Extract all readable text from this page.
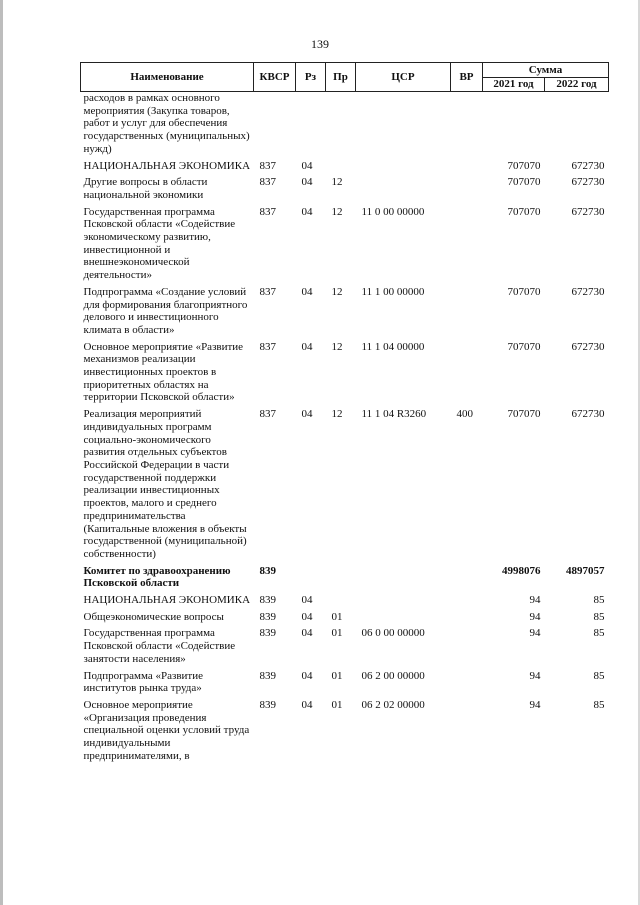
139
Наименование	КВСР	Рз	Пр	ЦСР	ВР	Сумма	
						2021 год	2022 год
расходов в рамках основного мероприятия (Закупка товаров, работ и услуг для обеспечения государственных (муниципальных) нужд)							
НАЦИОНАЛЬНАЯ ЭКОНОМИКА	837	04				707070	672730
Другие вопросы в области национальной экономики	837	04	12			707070	672730
Государственная программа Псковской области «Содействие экономическому развитию, инвестиционной и внешнеэкономической деятельности»	837	04	12	11 0 00 00000		707070	672730
Подпрограмма «Создание условий для формирования благоприятного делового и инвестиционного климата в области»	837	04	12	11 1 00 00000		707070	672730
Основное мероприятие «Развитие механизмов реализации инвестиционных проектов в приоритетных областях на территории Псковской области»	837	04	12	11 1 04 00000		707070	672730
Реализация мероприятий индивидуальных программ социально-экономического развития отдельных субъектов Российской Федерации в части государственной поддержки реализации инвестиционных проектов, малого и среднего предпринимательства (Капитальные вложения в объекты государственной (муниципальной) собственности)	837	04	12	11 1 04 R3260	400	707070	672730
Комитет по здравоохранению Псковской области	839					4998076	4897057
НАЦИОНАЛЬНАЯ ЭКОНОМИКА	839	04				94	85
Общеэкономические вопросы	839	04	01			94	85
Государственная программа Псковской области «Содействие занятости населения»	839	04	01	06 0 00 00000		94	85
Подпрограмма «Развитие институтов рынка труда»	839	04	01	06 2 00 00000		94	85
Основное мероприятие «Организация проведения специальной оценки условий труда индивидуальными предпринимателями, в	839	04	01	06 2 02 00000		94	85
